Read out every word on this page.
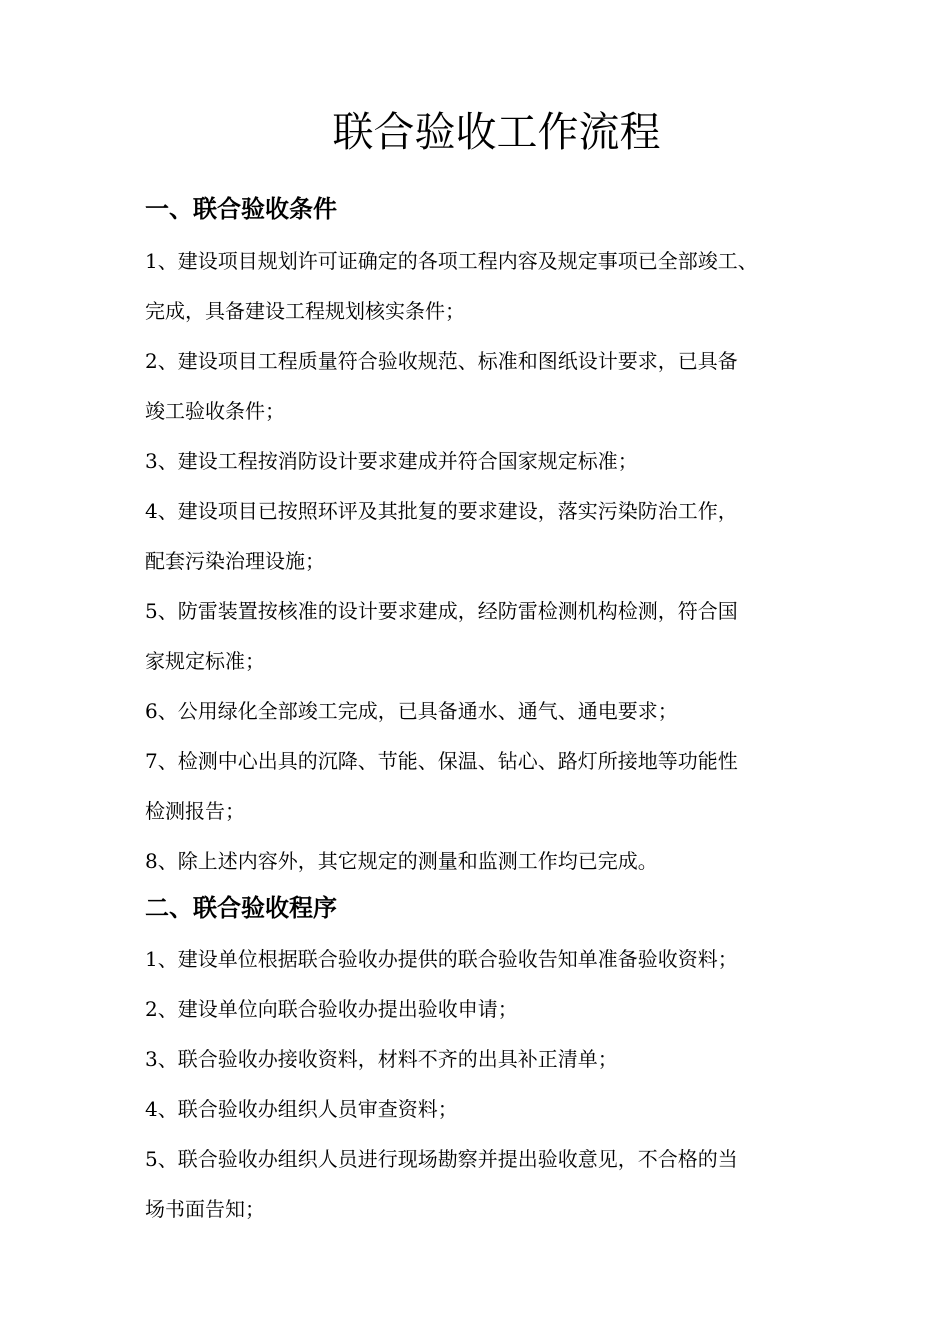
联合验收工作流程
一、联合验收条件

1、建设项目规划许可证确定的各项工程内容及规定事项已全部竣工、

完成，具备建设工程规划核实条件；

2、建设项目工程质量符合验收规范、标准和图纸设计要求，已具备

竣工验收条件；

3、建设工程按消防设计要求建成并符合国家规定标准；

4、建设项目已按照环评及其批复的要求建设，落实污染防治工作，

配套污染治理设施；

5、防雷装置按核准的设计要求建成，经防雷检测机构检测，符合国

家规定标准；

6、公用绿化全部竣工完成，已具备通水、通气、通电要求；

7、检测中心出具的沉降、节能、保温、钻心、路灯所接地等功能性

检测报告；

8、除上述内容外，其它规定的测量和监测工作均已完成。

二、联合验收程序

1、建设单位根据联合验收办提供的联合验收告知单准备验收资料；

2、建设单位向联合验收办提出验收申请；

3、联合验收办接收资料，材料不齐的出具补正清单；

4、联合验收办组织人员审查资料；

5、联合验收办组织人员进行现场勘察并提出验收意见，不合格的当

场书面告知；
